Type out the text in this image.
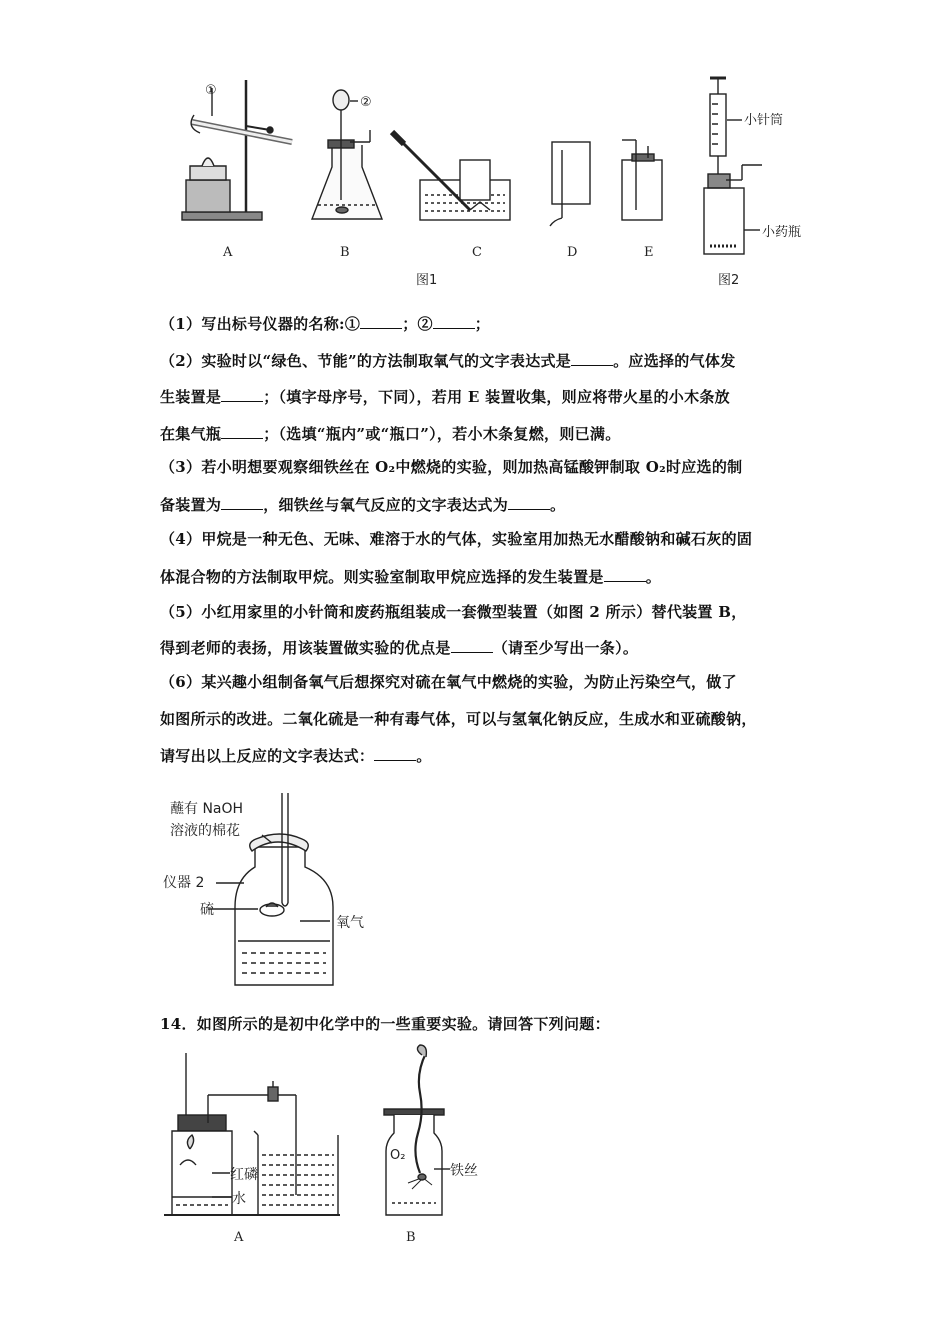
①
②
A	B	C	D	E
图1
小针筒
小药瓶
图2
（1）写出标号仪器的名称:①	；②	；
（2）实验时以“绿色、节能”的方法制取氧气的文字表达式是	。应选择的气体发
生装置是	；（填字母序号，下同），若用 E 装置收集，则应将带火星的小木条放
在集气瓶	；（选填“瓶内”或“瓶口”），若小木条复燃，则已满。
（3）若小明想要观察细铁丝在 O₂中燃烧的实验，则加热高锰酸钾制取 O₂时应选的制
备装置为	，细铁丝与氧气反应的文字表达式为	。
（4）甲烷是一种无色、无味、难溶于水的气体，实验室用加热无水醋酸钠和碱石灰的固
体混合物的方法制取甲烷。则实验室制取甲烷应选择的发生装置是	。
（5）小红用家里的小针筒和废药瓶组装成一套微型装置（如图 2 所示）替代装置 B，
得到老师的表扬，用该装置做实验的优点是	（请至少写出一条）。
（6）某兴趣小组制备氧气后想探究对硫在氧气中燃烧的实验，为防止污染空气，做了
如图所示的改进。二氧化硫是一种有毒气体，可以与氢氧化钠反应，生成水和亚硫酸钠，
请写出以上反应的文字表达式：	。
蘸有 NaOH
溶液的棉花
仪器 2
硫
氧气
14．如图所示的是初中化学中的一些重要实验。请回答下列问题：
红磷
水
O₂
铁丝
A	B
